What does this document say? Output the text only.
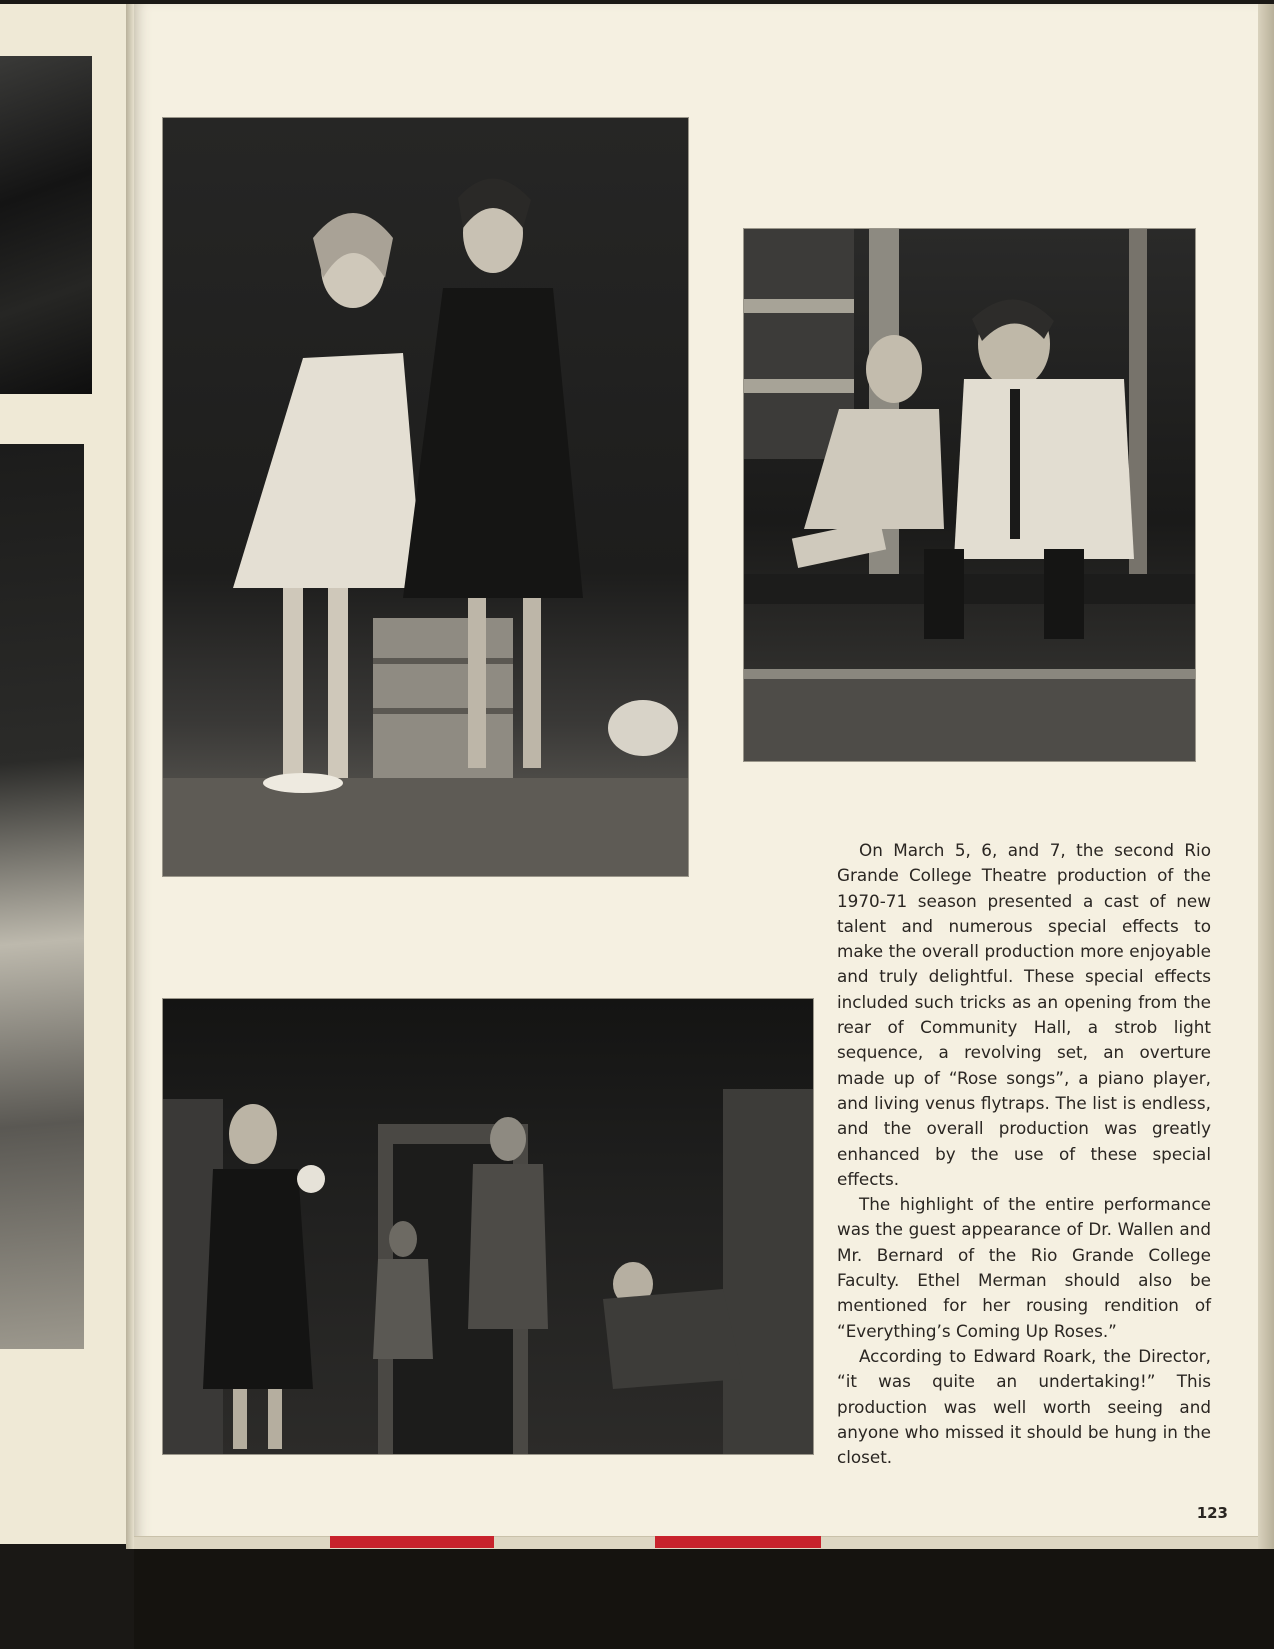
On March 5, 6, and 7, the second Rio Grande College Theatre production of the 1970-71 season presented a cast of new talent and numerous special effects to make the overall production more enjoyable and truly delightful. These special effects included such tricks as an opening from the rear of Community Hall, a strob light sequence, a revolving set, an overture made up of “Rose songs”, a piano player, and living venus flytraps. The list is endless, and the overall production was greatly enhanced by the use of these special effects.

The highlight of the entire performance was the guest appearance of Dr. Wallen and Mr. Bernard of the Rio Grande College Faculty. Ethel Merman should also be mentioned for her rousing rendition of “Everything’s Coming Up Roses.”

According to Edward Roark, the Director, “it was quite an undertaking!” This production was well worth seeing and anyone who missed it should be hung in the closet.

123
